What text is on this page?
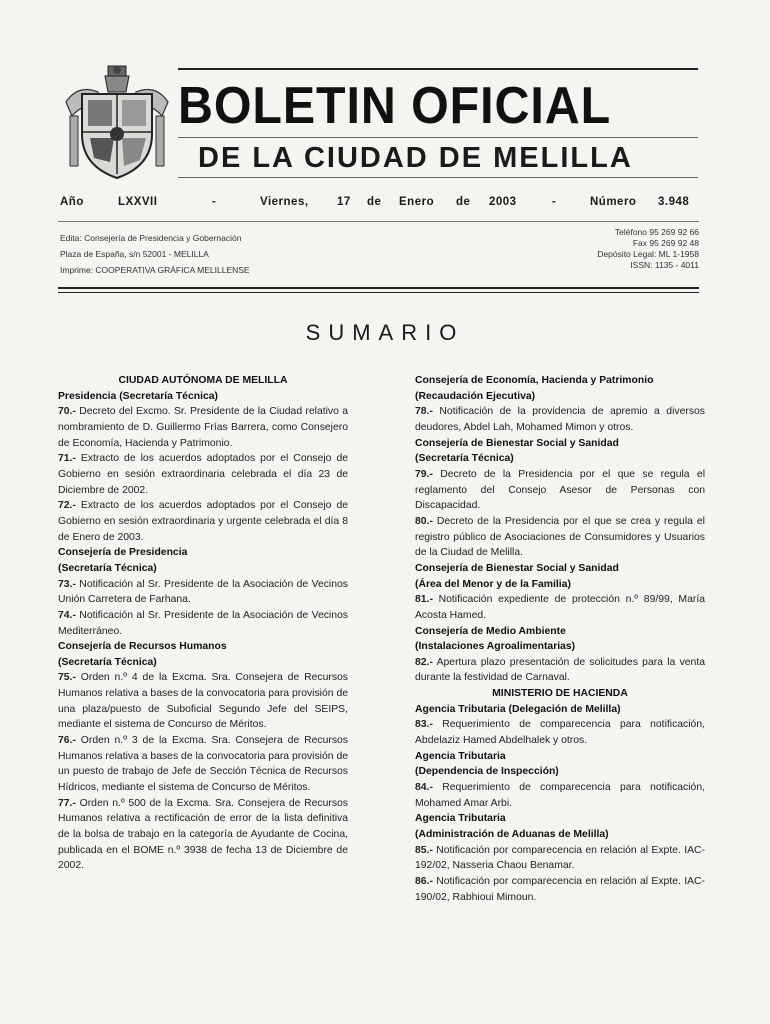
BOLETIN OFICIAL
DE LA CIUDAD DE MELILLA
Año	LXXVII	-	Viernes, 17 de Enero de 2003	-	Número 3.948
Edita: Consejería de Presidencia y Gobernación
Plaza de España, s/n 52001 - MELILLA
Imprime: COOPERATIVA GRÁFICA MELILLENSE
Teléfono 95 269 92 66
Fax 95 269 92 48
Depósito Legal: ML 1-1958
ISSN: 1135 - 4011
SUMARIO
CIUDAD AUTÓNOMA DE MELILLA
Presidencia (Secretaría Técnica)
70.- Decreto del Excmo. Sr. Presidente de la Ciudad relativo a nombramiento de D. Guillermo Frías Barrera, como Consejero de Economía, Hacienda y Patrimonio.
71.- Extracto de los acuerdos adoptados por el Consejo de Gobierno en sesión extraordinaria celebrada el día 23 de Diciembre de 2002.
72.- Extracto de los acuerdos adoptados por el Consejo de Gobierno en sesión extraordinaria y urgente celebrada el día 8 de Enero de 2003.
Consejería de Presidencia
(Secretaría Técnica)
73.- Notificación al Sr. Presidente de la Asociación de Vecinos Unión Carretera de Farhana.
74.- Notificación al Sr. Presidente de la Asociación de Vecinos Mediterráneo.
Consejería de Recursos Humanos
(Secretaría Técnica)
75.- Orden n.º 4 de la Excma. Sra. Consejera de Recursos Humanos relativa a bases de la convocatoria para provisión de una plaza/puesto de Suboficial Segundo Jefe del SEIPS, mediante el sistema de Concurso de Méritos.
76.- Orden n.º 3 de la Excma. Sra. Consejera de Recursos Humanos relativa a bases de la convocatoria para provisión de un puesto de trabajo de Jefe de Sección Técnica de Recursos Hídricos, mediante el sistema de Concurso de Méritos.
77.- Orden n.º 500 de la Excma. Sra. Consejera de Recursos Humanos relativa a rectificación de error de la lista definitiva de la bolsa de trabajo en la categoría de Ayudante de Cocina, publicada en el BOME n.º 3938 de fecha 13 de Diciembre de 2002.
Consejería de Economía, Hacienda y Patrimonio (Recaudación Ejecutiva)
78.- Notificación de la providencia de apremio a diversos deudores, Abdel Lah, Mohamed Mimon y otros.
Consejería de Bienestar Social y Sanidad
(Secretaría Técnica)
79.- Decreto de la Presidencia por el que se regula el reglamento del Consejo Asesor de Personas con Discapacidad.
80.- Decreto de la Presidencia por el que se crea y regula el registro público de Asociaciones de Consumidores y Usuarios de la Ciudad de Melilla.
Consejería de Bienestar Social y Sanidad
(Área del Menor y de la Familia)
81.- Notificación expediente de protección n.º 89/99, María Acosta Hamed.
Consejería de Medio Ambiente
(Instalaciones Agroalimentarias)
82.- Apertura plazo presentación de solicitudes para la venta durante la festividad de Carnaval.
MINISTERIO DE HACIENDA
Agencia Tributaria (Delegación de Melilla)
83.- Requerimiento de comparecencia para notificación, Abdelaziz Hamed Abdelhalek y otros.
Agencia Tributaria
(Dependencia de Inspección)
84.- Requerimiento de comparecencia para notificación, Mohamed Amar Arbi.
Agencia Tributaria
(Administración de Aduanas de Melilla)
85.- Notificación por comparecencia en relación al Expte. IAC-192/02, Nasseria Chaou Benamar.
86.- Notificación por comparecencia en relación al Expte. IAC-190/02, Rabhioui Mimoun.
